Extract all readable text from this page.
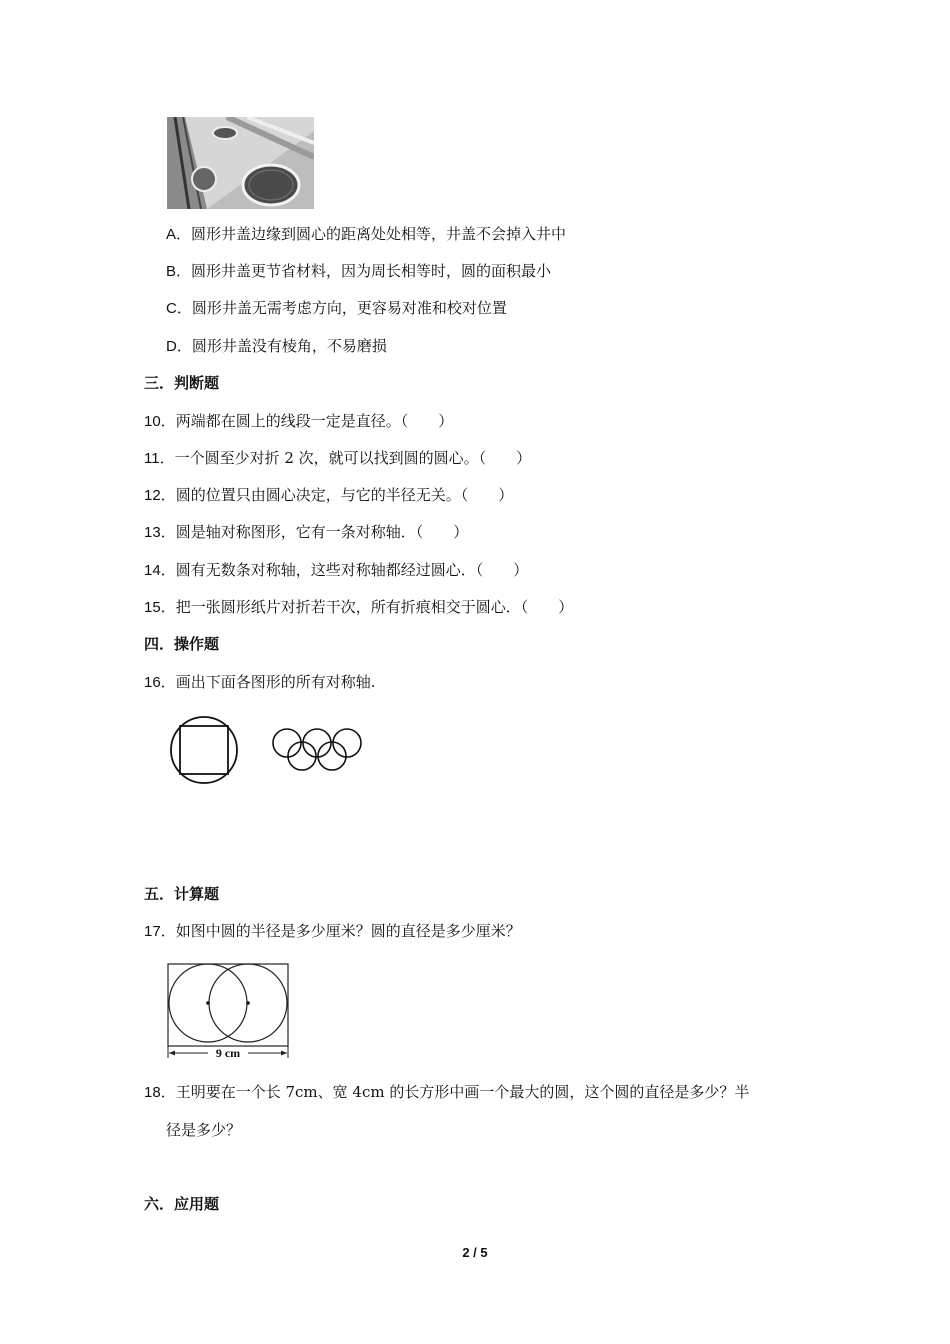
A．圆形井盖边缘到圆心的距离处处相等，井盖不会掉入井中
B．圆形井盖更节省材料，因为周长相等时，圆的面积最小
C．圆形井盖无需考虑方向，更容易对准和校对位置
D．圆形井盖没有棱角，不易磨损
三．判断题
10．两端都在圆上的线段一定是直径。（　　）
11．一个圆至少对折 2 次，就可以找到圆的圆心。（　　）
12．圆的位置只由圆心决定，与它的半径无关。（　　）
13．圆是轴对称图形，它有一条对称轴．（　　）
14．圆有无数条对称轴，这些对称轴都经过圆心．（　　）
15．把一张圆形纸片对折若干次，所有折痕相交于圆心．（　　）
四．操作题
16．画出下面各图形的所有对称轴.
五．计算题
17．如图中圆的半径是多少厘米？圆的直径是多少厘米？
9 cm
18．王明要在一个长 7cm、宽 4cm 的长方形中画一个最大的圆，这个圆的直径是多少？半
径是多少？
六．应用题
2 / 5
